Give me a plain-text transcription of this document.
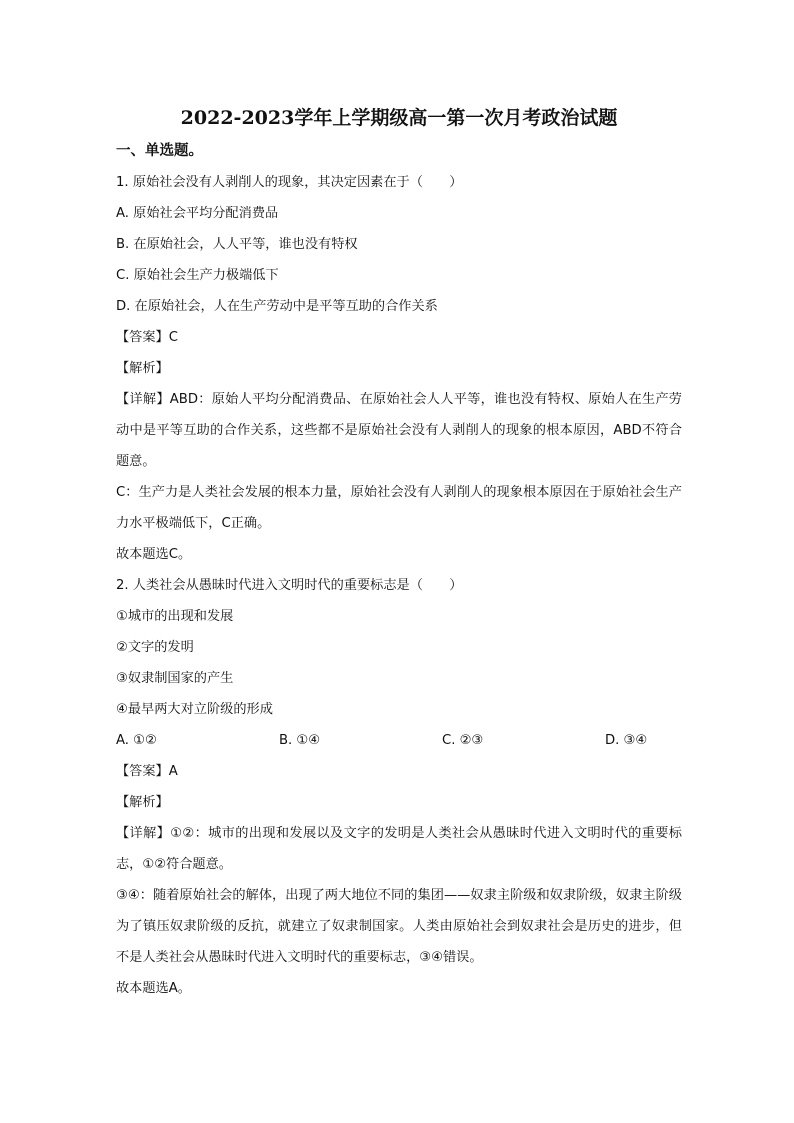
2022-2023学年上学期级高一第一次月考政治试题

一、单选题。

1. 原始社会没有人剥削人的现象，其决定因素在于（　　）

A. 原始社会平均分配消费品

B. 在原始社会，人人平等，谁也没有特权

C. 原始社会生产力极端低下

D. 在原始社会，人在生产劳动中是平等互助的合作关系

【答案】C

【解析】

【详解】ABD：原始人平均分配消费品、在原始社会人人平等，谁也没有特权、原始人在生产劳动中是平等互助的合作关系，这些都不是原始社会没有人剥削人的现象的根本原因，ABD不符合题意。

C：生产力是人类社会发展的根本力量，原始社会没有人剥削人的现象根本原因在于原始社会生产力水平极端低下，C正确。

故本题选C。

2. 人类社会从愚昧时代进入文明时代的重要标志是（　　）

①城市的出现和发展

②文字的发明

③奴隶制国家的产生

④最早两大对立阶级的形成

A. ①②	B. ①④	C. ②③	D. ③④

【答案】A

【解析】

【详解】①②：城市的出现和发展以及文字的发明是人类社会从愚昧时代进入文明时代的重要标志，①②符合题意。

③④：随着原始社会的解体，出现了两大地位不同的集团——奴隶主阶级和奴隶阶级，奴隶主阶级为了镇压奴隶阶级的反抗，就建立了奴隶制国家。人类由原始社会到奴隶社会是历史的进步，但不是人类社会从愚昧时代进入文明时代的重要标志，③④错误。

故本题选A。
